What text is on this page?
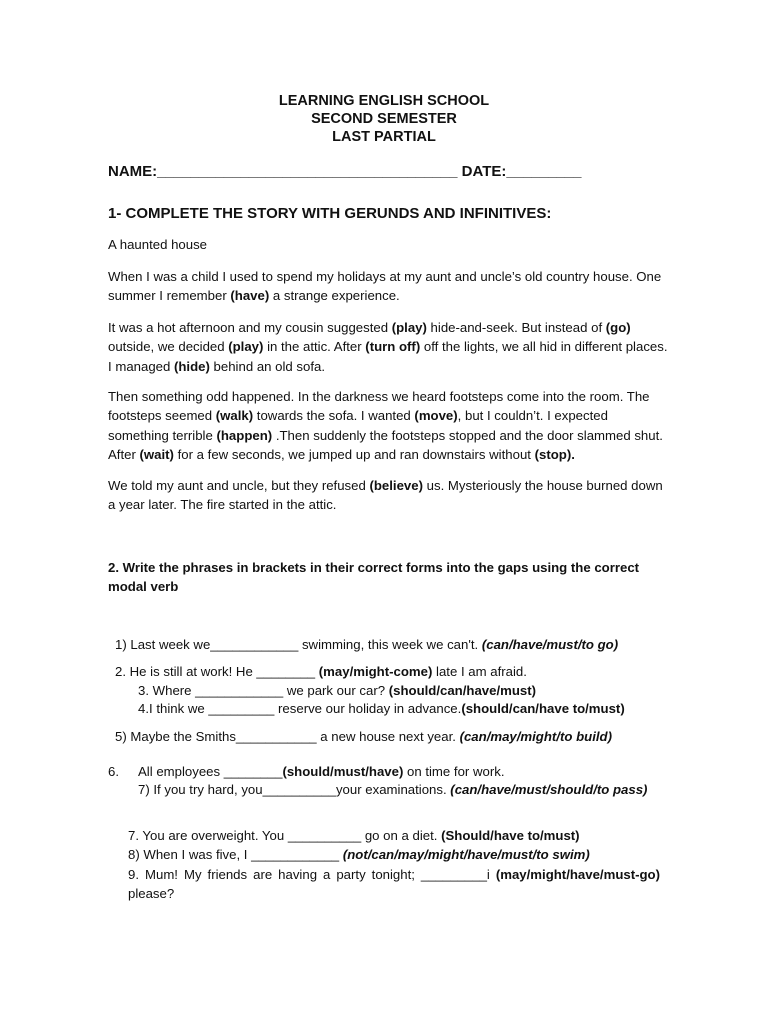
LEARNING ENGLISH SCHOOL
SECOND SEMESTER
LAST PARTIAL
NAME:____________________________________ DATE:_________
1- COMPLETE THE STORY WITH GERUNDS AND INFINITIVES:
A haunted house

When I was a child I used to spend my holidays at my aunt and uncle’s old country house. One summer I remember (have) a strange experience.

It was a hot afternoon and my cousin suggested (play) hide-and-seek. But instead of (go) outside, we decided (play) in the attic. After (turn off) off the lights, we all hid in different places. I managed (hide) behind an old sofa.

Then something odd happened. In the darkness we heard footsteps come into the room. The footsteps seemed (walk) towards the sofa. I wanted (move), but I couldn’t. I expected something terrible (happen) .Then suddenly the footsteps stopped and the door slammed shut. After (wait) for a few seconds, we jumped up and ran downstairs without (stop).

We told my aunt and uncle, but they refused (believe) us. Mysteriously the house burned down a year later. The fire started in the attic.

2. Write the phrases in brackets in their correct forms into the gaps using the correct modal verb
1) Last week we____________ swimming, this week we can't. (can/have/must/to go)
2. He is still at work! He ________ (may/might-come) late I am afraid.
3. Where ____________ we park our car? (should/can/have/must)
4.I think we _________ reserve our holiday in advance.(should/can/have to/must)
5) Maybe the Smiths___________ a new house next year. (can/may/might/to build)
6. All employees ________(should/must/have) on time for work.
7) If you try hard, you__________your examinations. (can/have/must/should/to pass)
7. You are overweight. You __________ go on a diet. (Should/have to/must)
8) When I was five, I ____________ (not/can/may/might/have/must/to swim)
9. Mum! My friends are having a party tonight; _________i (may/might/have/must-go) please?
